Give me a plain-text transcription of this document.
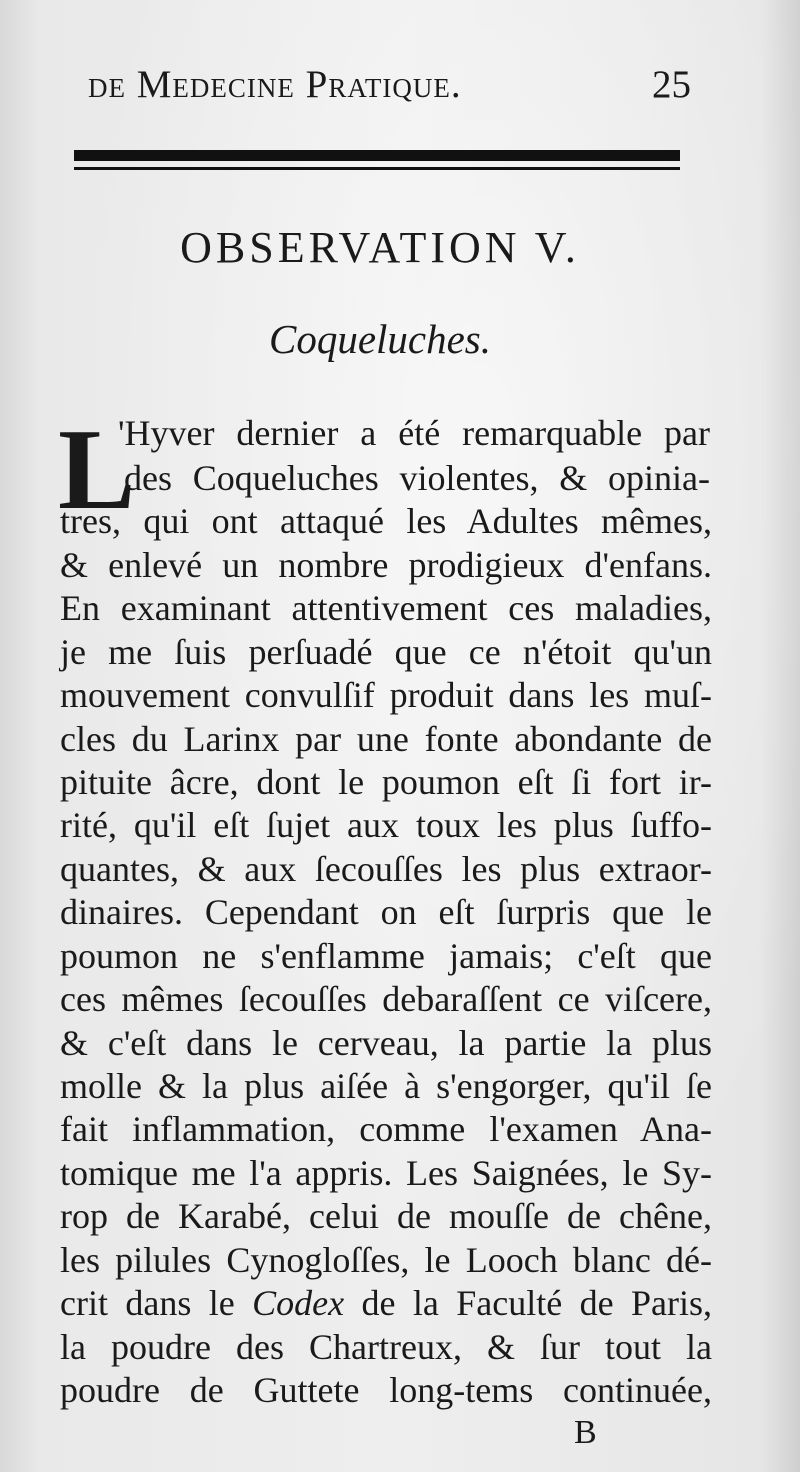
de Medecine Pratique.	25
OBSERVATION V.
Coqueluches.
L
'Hyver dernier a été remarquable par
des Coqueluches violentes, & opinia-
tres, qui ont attaqué les Adultes mêmes,
& enlevé un nombre prodigieux d'enfans.
En examinant attentivement ces maladies,
je me ſuis perſuadé que ce n'étoit qu'un
mouvement convulſif produit dans les muſ-
cles du Larinx par une fonte abondante de
pituite âcre, dont le poumon eſt ſi fort ir-
rité, qu'il eſt ſujet aux toux les plus ſuffo-
quantes, & aux ſecouſſes les plus extraor-
dinaires. Cependant on eſt ſurpris que le
poumon ne s'enflamme jamais; c'eſt que
ces mêmes ſecouſſes debaraſſent ce viſcere,
& c'eſt dans le cerveau, la partie la plus
molle & la plus aiſée à s'engorger, qu'il ſe
fait inflammation, comme l'examen Ana-
tomique me l'a appris. Les Saignées, le Sy-
rop de Karabé, celui de mouſſe de chêne,
les pilules Cynogloſſes, le Looch blanc dé-
crit dans le Codex de la Faculté de Paris,
la poudre des Chartreux, & ſur tout la
poudre de Guttete long-tems continuée,
B
